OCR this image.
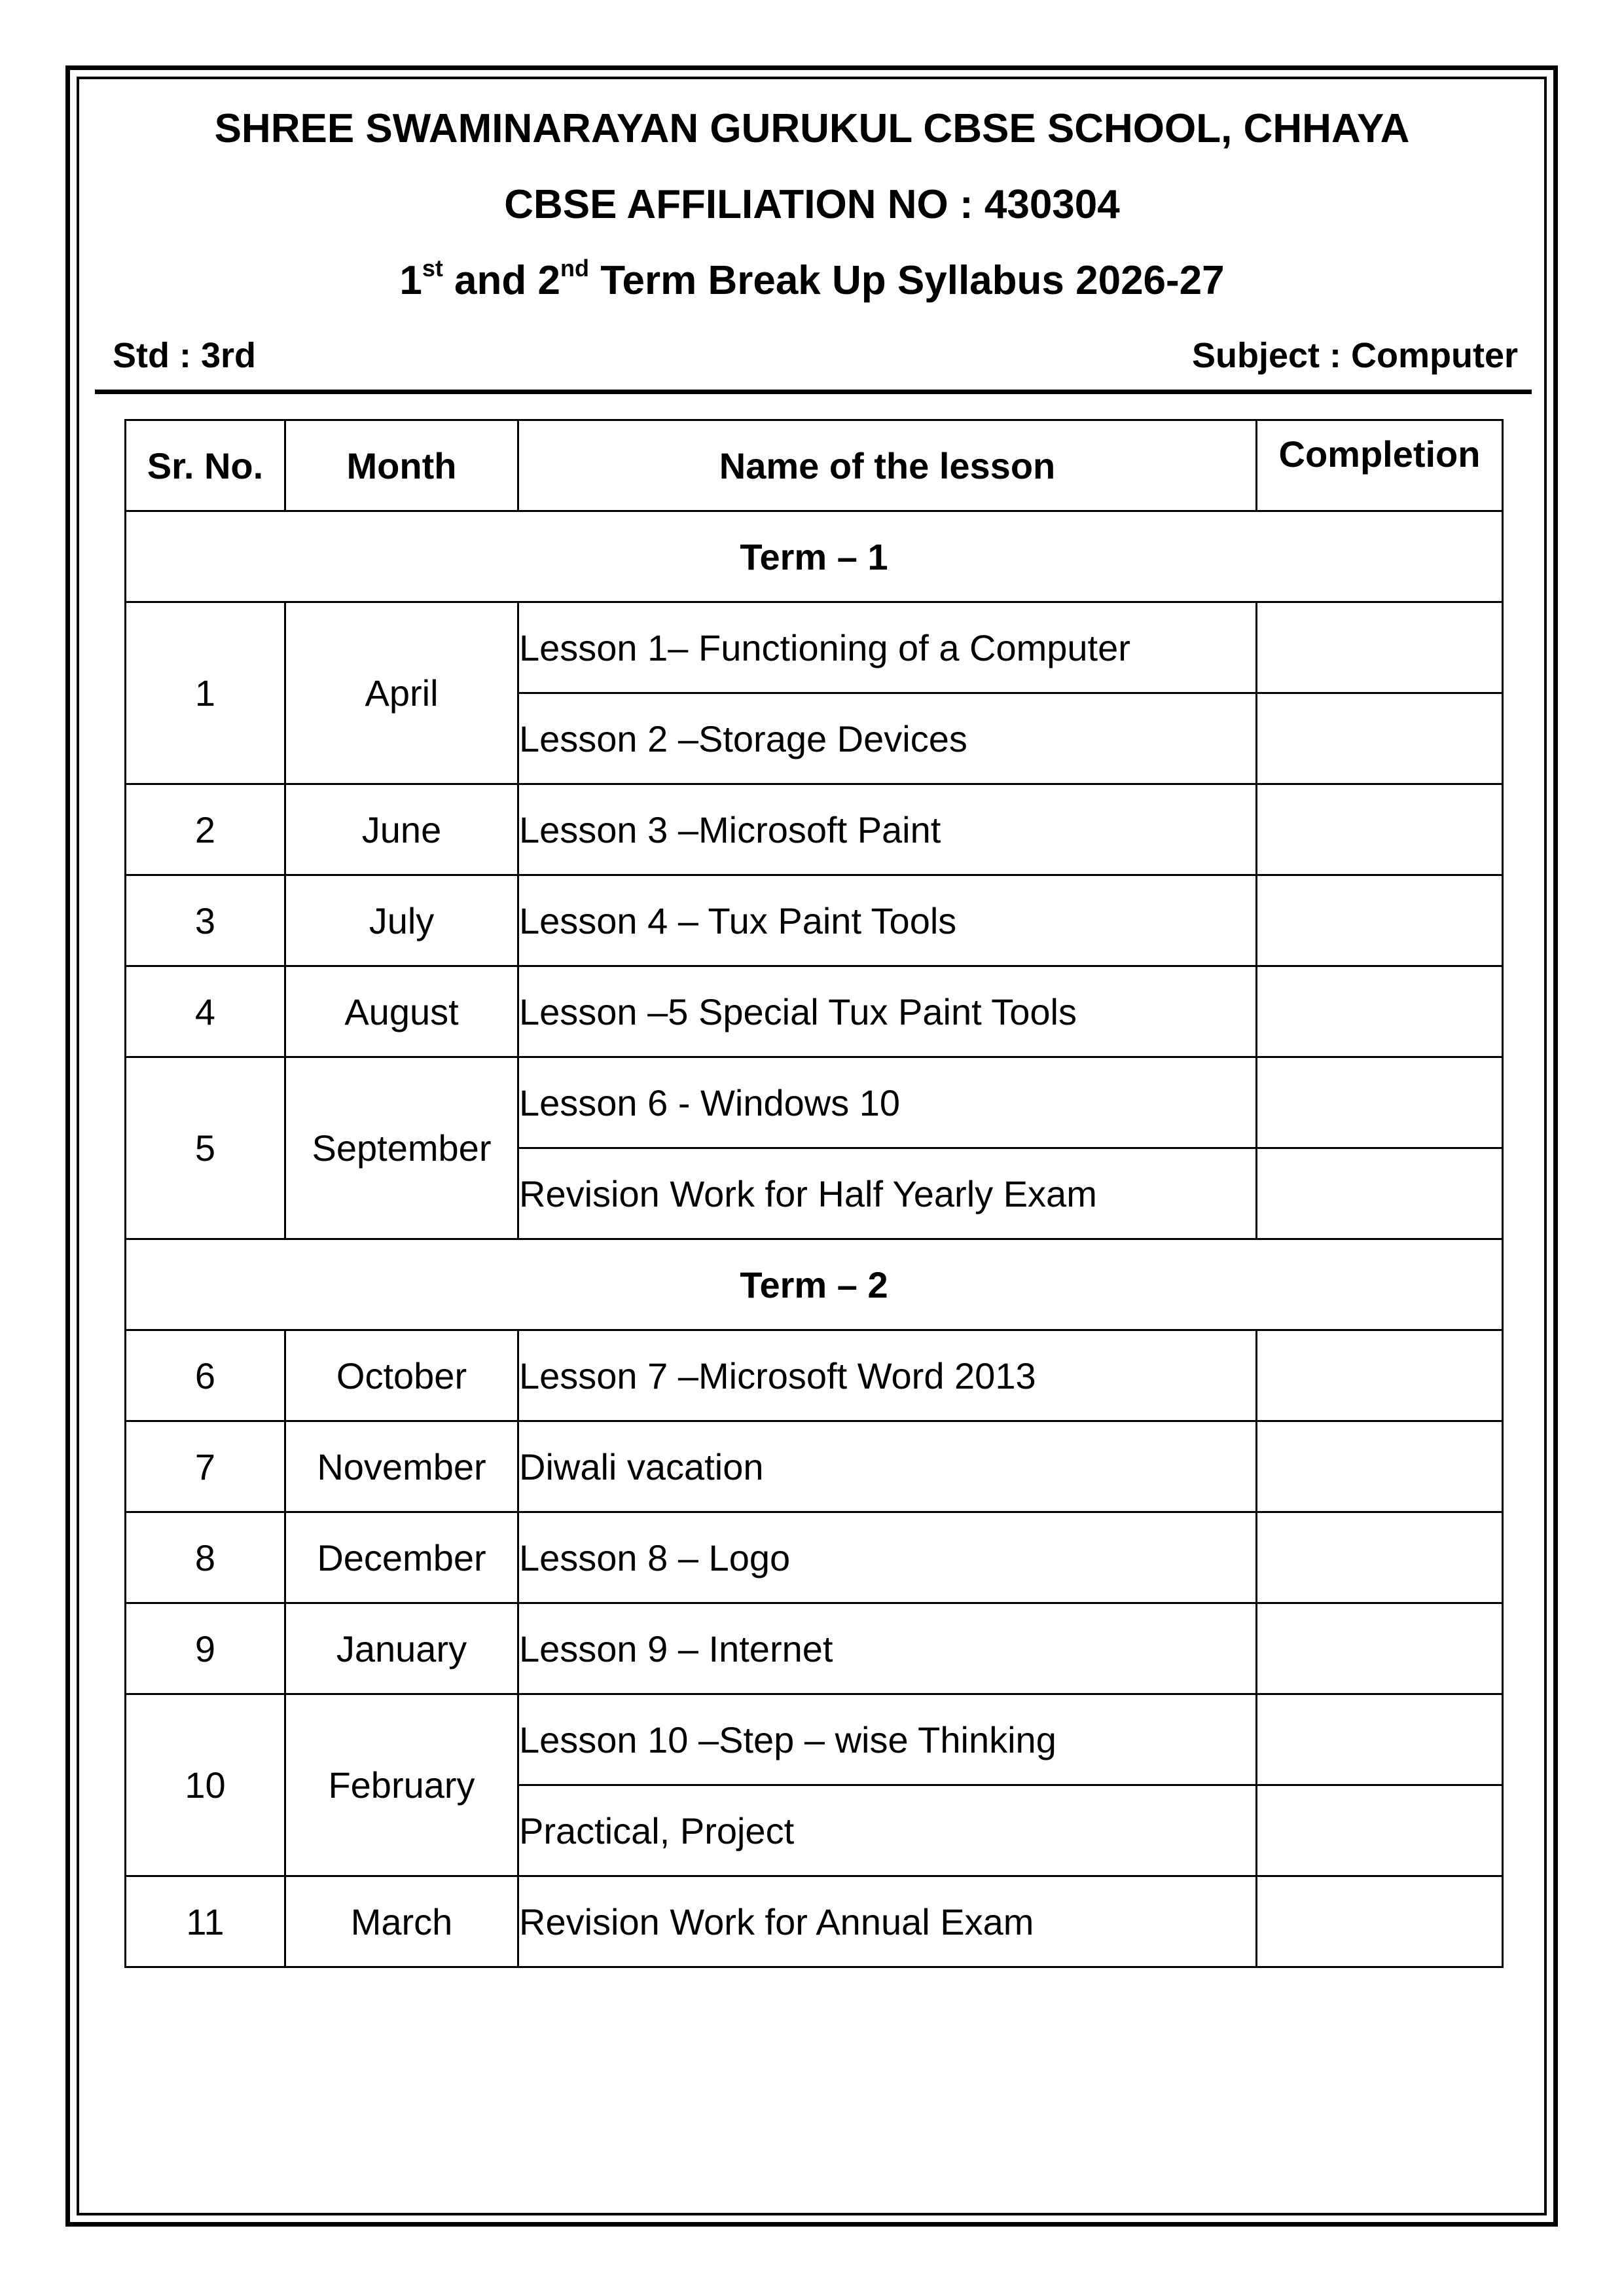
SHREE SWAMINARAYAN GURUKUL CBSE SCHOOL, CHHAYA
CBSE AFFILIATION NO : 430304
1st and 2nd Term Break Up Syllabus 2026-27
Std : 3rd	Subject : Computer
Sr. No.	Month	Name of the lesson	Completion
Term – 1			
1	April	Lesson 1– Functioning of a Computer	
		Lesson 2 –Storage Devices	
2	June	Lesson 3 –Microsoft Paint	
3	July	Lesson 4 – Tux Paint Tools	
4	August	Lesson –5 Special Tux Paint Tools	
5	September	Lesson 6 - Windows 10	
		Revision Work for Half Yearly Exam	
Term – 2			
6	October	Lesson 7 –Microsoft Word 2013	
7	November	Diwali vacation	
8	December	Lesson 8 – Logo	
9	January	Lesson 9 – Internet	
10	February	Lesson 10 –Step – wise Thinking	
		Practical, Project	
11	March	Revision Work for Annual Exam	
